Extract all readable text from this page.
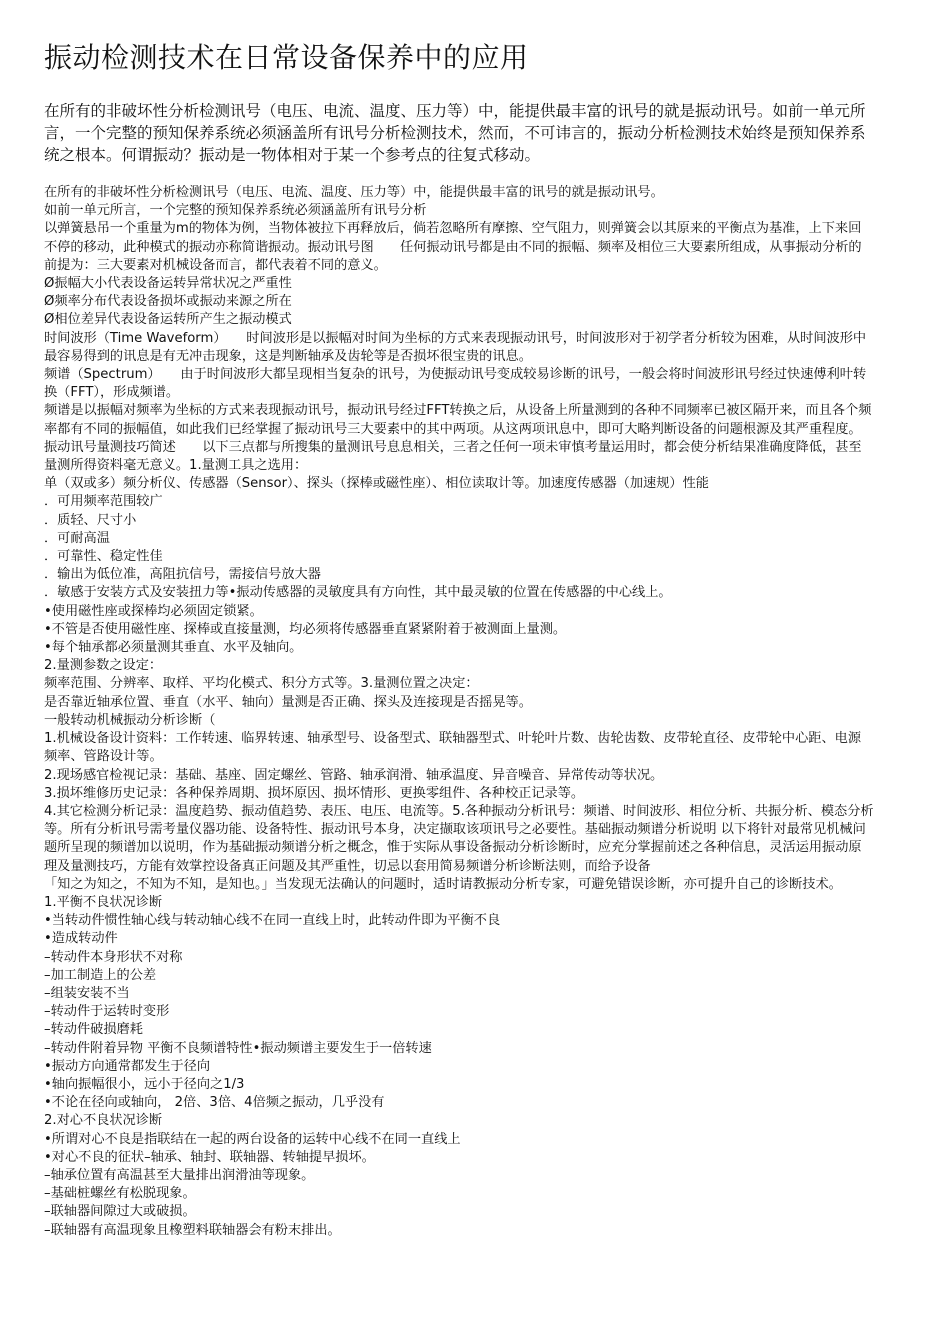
振动检测技术在日常设备保养中的应用

在所有的非破坏性分析检测讯号（电压、电流、温度、压力等）中，能提供最丰富的讯号的就是振动讯号。如前一单元所言，一个完整的预知保养系统必须涵盖所有讯号分析检测技术，然而，不可讳言的，振动分析检测技术始终是预知保养系统之根本。何谓振动？振动是一物体相对于某一个参考点的往复式移动。

在所有的非破坏性分析检测讯号（电压、电流、温度、压力等）中，能提供最丰富的讯号的就是振动讯号。

如前一单元所言，一个完整的预知保养系统必须涵盖所有讯号分析

以弹簧悬吊一个重量为m的物体为例，当物体被拉下再释放后，倘若忽略所有摩擦、空气阻力，则弹簧会以其原来的平衡点为基准，上下来回不停的移动，此种模式的振动亦称简谐振动。振动讯号图　　任何振动讯号都是由不同的振幅、频率及相位三大要素所组成，从事振动分析的前提为：三大要素对机械设备而言，都代表着不同的意义。

Ø振幅大小代表设备运转异常状况之严重性

Ø频率分布代表设备损坏或振动来源之所在

Ø相位差异代表设备运转所产生之振动模式

时间波形（Time Waveform）　　时间波形是以振幅对时间为坐标的方式来表现振动讯号，时间波形对于初学者分析较为困难，从时间波形中最容易得到的讯息是有无冲击现象，这是判断轴承及齿轮等是否损坏很宝贵的讯息。

频谱（Spectrum）　　由于时间波形大都呈现相当复杂的讯号，为使振动讯号变成较易诊断的讯号，一般会将时间波形讯号经过快速傅利叶转换（FFT），形成频谱。

频谱是以振幅对频率为坐标的方式来表现振动讯号，振动讯号经过FFT转换之后，从设备上所量测到的各种不同频率已被区隔开来，而且各个频率都有不同的振幅值，如此我们已经掌握了振动讯号三大要素中的其中两项。从这两项讯息中，即可大略判断设备的问题根源及其严重程度。

振动讯号量测技巧简述　　以下三点都与所搜集的量测讯号息息相关，三者之任何一项未审慎考量运用时，都会使分析结果准确度降低，甚至量测所得资料毫无意义。1.量测工具之选用：

单（双或多）频分析仪、传感器（Sensor）、探头（探棒或磁性座）、相位读取计等。加速度传感器（加速规）性能

．可用频率范围较广

．质轻、尺寸小

．可耐高温

．可靠性、稳定性佳

．输出为低位准，高阻抗信号，需接信号放大器

．敏感于安装方式及安装扭力等•振动传感器的灵敏度具有方向性，其中最灵敏的位置在传感器的中心线上。

•使用磁性座或探棒均必须固定锁紧。

•不管是否使用磁性座、探棒或直接量测，均必须将传感器垂直紧紧附着于被测面上量测。

•每个轴承都必须量测其垂直、水平及轴向。

2.量测参数之设定：

频率范围、分辨率、取样、平均化模式、积分方式等。3.量测位置之决定：

是否靠近轴承位置、垂直（水平、轴向）量测是否正确、探头及连接现是否摇晃等。

一般转动机械振动分析诊断（

1.机械设备设计资料：工作转速、临界转速、轴承型号、设备型式、联轴器型式、叶轮叶片数、齿轮齿数、皮带轮直径、皮带轮中心距、电源频率、管路设计等。

2.现场感官检视记录：基础、基座、固定螺丝、管路、轴承润滑、轴承温度、异音噪音、异常传动等状况。

3.损坏维修历史记录：各种保养周期、损坏原因、损坏情形、更换零组件、各种校正记录等。

4.其它检测分析记录：温度趋势、振动值趋势、表压、电压、电流等。5.各种振动分析讯号：频谱、时间波形、相位分析、共振分析、模态分析等。所有分析讯号需考量仪器功能、设备特性、振动讯号本身，决定撷取该项讯号之必要性。基础振动频谱分析说明 以下将针对最常见机械问题所呈现的频谱加以说明，作为基础振动频谱分析之概念，惟于实际从事设备振动分析诊断时，应充分掌握前述之各种信息，灵活运用振动原理及量测技巧，方能有效掌控设备真正问题及其严重性，切忌以套用简易频谱分析诊断法则，而给予设备

「知之为知之，不知为不知，是知也。」当发现无法确认的问题时，适时请教振动分析专家，可避免错误诊断，亦可提升自己的诊断技术。

1.平衡不良状况诊断

•当转动件惯性轴心线与转动轴心线不在同一直线上时，此转动件即为平衡不良

•造成转动件

–转动件本身形状不对称

–加工制造上的公差

–组装安装不当

–转动件于运转时变形

–转动件破损磨耗

–转动件附着异物 平衡不良频谱特性•振动频谱主要发生于一倍转速

•振动方向通常都发生于径向

•轴向振幅很小，远小于径向之1/3

•不论在径向或轴向， 2倍、3倍、4倍频之振动，几乎没有

2.对心不良状况诊断

•所谓对心不良是指联结在一起的两台设备的运转中心线不在同一直线上

•对心不良的征状–轴承、轴封、联轴器、转轴提早损坏。

–轴承位置有高温甚至大量排出润滑油等现象。

–基础桩螺丝有松脱现象。

–联轴器间隙过大或破损。

–联轴器有高温现象且橡塑料联轴器会有粉末排出。
